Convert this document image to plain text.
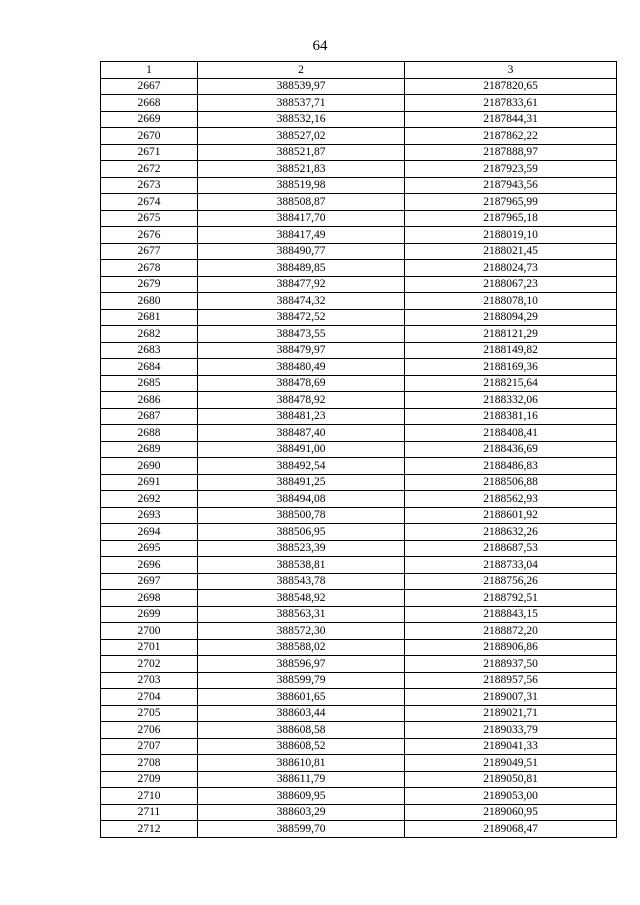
64
1	2	3
2667	388539,97	2187820,65
2668	388537,71	2187833,61
2669	388532,16	2187844,31
2670	388527,02	2187862,22
2671	388521,87	2187888,97
2672	388521,83	2187923,59
2673	388519,98	2187943,56
2674	388508,87	2187965,99
2675	388417,70	2187965,18
2676	388417,49	2188019,10
2677	388490,77	2188021,45
2678	388489,85	2188024,73
2679	388477,92	2188067,23
2680	388474,32	2188078,10
2681	388472,52	2188094,29
2682	388473,55	2188121,29
2683	388479,97	2188149,82
2684	388480,49	2188169,36
2685	388478,69	2188215,64
2686	388478,92	2188332,06
2687	388481,23	2188381,16
2688	388487,40	2188408,41
2689	388491,00	2188436,69
2690	388492,54	2188486,83
2691	388491,25	2188506,88
2692	388494,08	2188562,93
2693	388500,78	2188601,92
2694	388506,95	2188632,26
2695	388523,39	2188687,53
2696	388538,81	2188733,04
2697	388543,78	2188756,26
2698	388548,92	2188792,51
2699	388563,31	2188843,15
2700	388572,30	2188872,20
2701	388588,02	2188906,86
2702	388596,97	2188937,50
2703	388599,79	2188957,56
2704	388601,65	2189007,31
2705	388603,44	2189021,71
2706	388608,58	2189033,79
2707	388608,52	2189041,33
2708	388610,81	2189049,51
2709	388611,79	2189050,81
2710	388609,95	2189053,00
2711	388603,29	2189060,95
2712	388599,70	2189068,47
